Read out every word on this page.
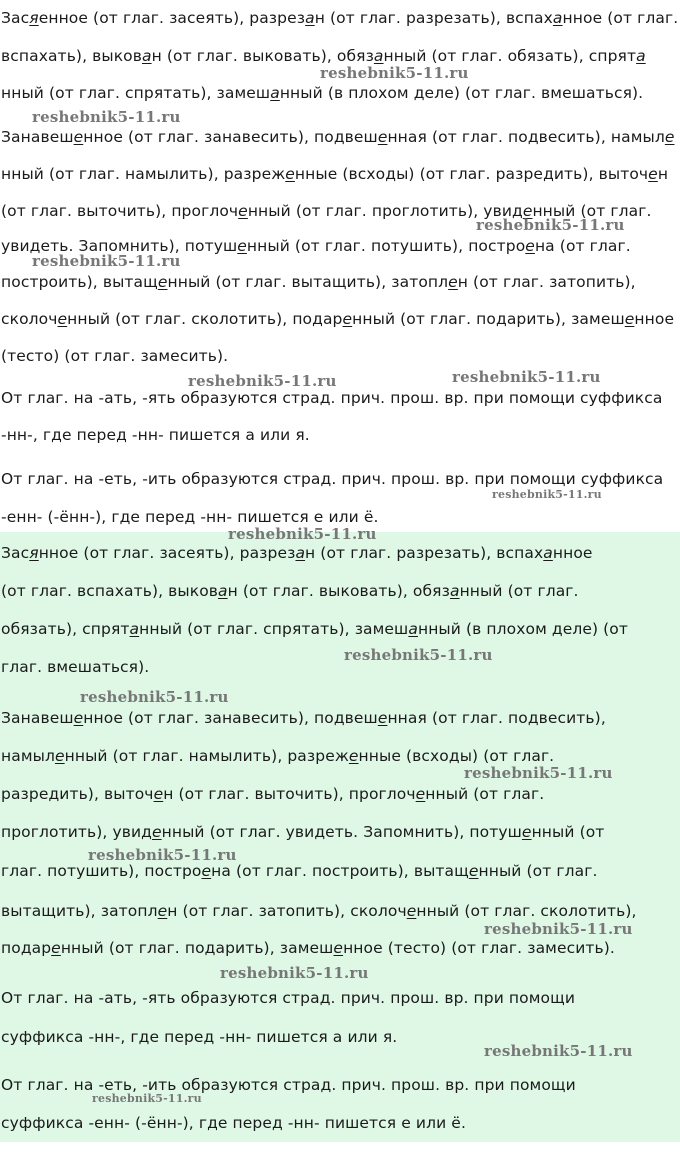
Засяенное (от глаг. засеять), разрезан (от глаг. разрезать), вспаханное (от глаг.
вспахать), выкован (от глаг. выковать), обязанный (от глаг. обязать), спрята
нный (от глаг. спрятать), замешанный (в плохом деле) (от глаг. вмешаться).
Занавешенное (от глаг. занавесить), подвешенная (от глаг. подвесить), намыле
нный (от глаг. намылить), разреженные (всходы) (от глаг. разредить), выточен
(от глаг. выточить), проглоченный (от глаг. проглотить), увиденный (от глаг.
увидеть. Запомнить), потушенный (от глаг. потушить), построена (от глаг.
построить), вытащенный (от глаг. вытащить), затоплен (от глаг. затопить),
сколоченный (от глаг. сколотить), подаренный (от глаг. подарить), замешенное
(тесто) (от глаг. замесить).
От глаг. на -ать, -ять образуются страд. прич. прош. вр. при помощи суффикса
-нн-, где перед -нн- пишется а или я.
От глаг. на -еть, -ить образуются страд. прич. прош. вр. при помощи суффикса
-енн- (-ённ-), где перед -нн- пишется е или ё.
Засянное (от глаг. засеять), разрезан (от глаг. разрезать), вспаханное
(от глаг. вспахать), выкован (от глаг. выковать), обязанный (от глаг.
обязать), спрятанный (от глаг. спрятать), замешанный (в плохом деле) (от
глаг. вмешаться).
Занавешенное (от глаг. занавесить), подвешенная (от глаг. подвесить),
намыленный (от глаг. намылить), разреженные (всходы) (от глаг.
разредить), выточен (от глаг. выточить), проглоченный (от глаг.
проглотить), увиденный (от глаг. увидеть. Запомнить), потушенный (от
глаг. потушить), построена (от глаг. построить), вытащенный (от глаг.
вытащить), затоплен (от глаг. затопить), сколоченный (от глаг. сколотить),
подаренный (от глаг. подарить), замешенное (тесто) (от глаг. замесить).
От глаг. на -ать, -ять образуются страд. прич. прош. вр. при помощи
суффикса -нн-, где перед -нн- пишется а или я.
От глаг. на -еть, -ить образуются страд. прич. прош. вр. при помощи
суффикса -енн- (-ённ-), где перед -нн- пишется е или ё.
reshebnik5-11.ru
reshebnik5-11.ru
reshebnik5-11.ru
reshebnik5-11.ru
reshebnik5-11.ru	reshebnik5-11.ru
reshebnik5-11.ru
reshebnik5-11.ru
reshebnik5-11.ru
reshebnik5-11.ru
reshebnik5-11.ru
reshebnik5-11.ru
reshebnik5-11.ru
reshebnik5-11.ru
reshebnik5-11.ru
reshebnik5-11.ru
